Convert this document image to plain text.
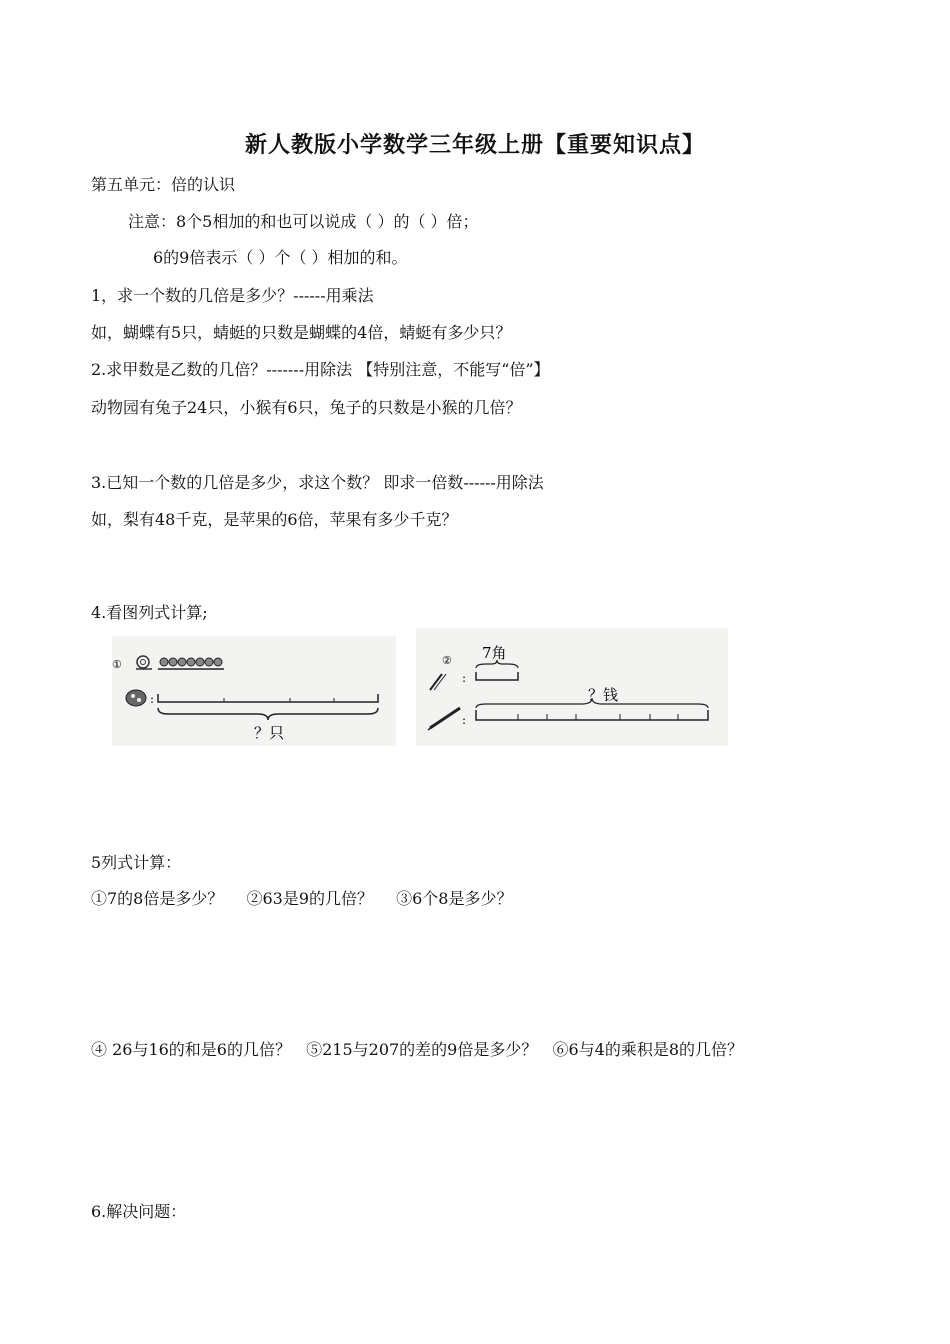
新人教版小学数学三年级上册【重要知识点】
第五单元：倍的认识
注意：8个5相加的和也可以说成（ ）的（ ）倍；
6的9倍表示（ ）个（ ）相加的和。
1，求一个数的几倍是多少？------用乘法
如，蝴蝶有5只，蜻蜓的只数是蝴蝶的4倍，蜻蜓有多少只？
2.求甲数是乙数的几倍？-------用除法 【特别注意，不能写“倍”】
动物园有兔子24只，小猴有6只，兔子的只数是小猴的几倍？
3.已知一个数的几倍是多少，求这个数？ 即求一倍数------用除法
如，梨有48千克，是苹果的6倍，苹果有多少千克？
4.看图列式计算;
①
:
？只
② 7角
:
？钱
:
5列式计算：
①7的8倍是多少？ ②63是9的几倍？ ③6个8是多少？
④ 26与16的和是6的几倍？ ⑤215与207的差的9倍是多少？ ⑥6与4的乘积是8的几倍？
6.解决问题：
